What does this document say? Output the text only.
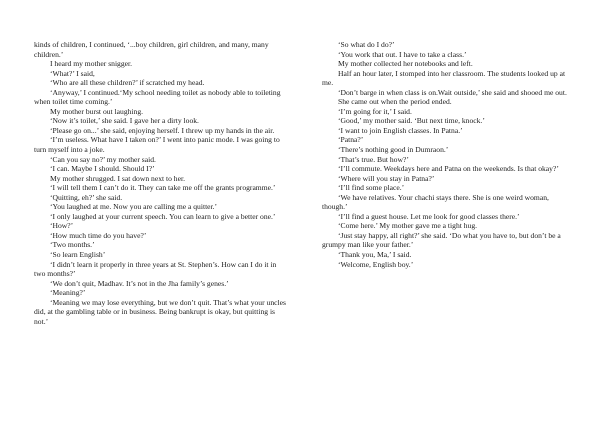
kinds of children, I continued, ‘...boy children, girl children, and many, many children.’

I heard my mother snigger.

‘What?’ I said,

‘Who are all these children?’ if scratched my head.

‘Anyway,’ I continued.‘My school needing toilet as nobody able to toileting when toilet time coming.’

My mother burst out laughing.

‘Now it’s toilet,’ she said. I gave her a dirty look.

‘Please go on...’ she said, enjoying herself. I threw up my hands in the air.

‘I’m useless. What have I taken on?’ I went into panic mode. I was going to turn myself into a joke.

‘Can you say no?’ my mother said.

‘I can. Maybe I should. Should I?’

My mother shrugged. I sat down next to her.

‘I will tell them I can’t do it. They can take me off the grants programme.’

‘Quitting, eh?’ she said.

‘You laughed at me. Now you are calling me a quitter.’

‘I only laughed at your current speech. You can learn to give a better one.’

‘How?’

‘How much time do you have?’

‘Two months.’

‘So learn English’

‘I didn’t learn it properly in three years at St. Stephen’s. How can I do it in two months?’

‘We don’t quit, Madhav. It’s not in the Jha family’s genes.’

‘Meaning?’

‘Meaning we may lose everything, but we don’t quit. That’s what your uncles did, at the gambling table or in business. Being bankrupt is okay, but quitting is not.’

‘So what do I do?’

‘You work that out. I have to take a class.’

My mother collected her notebooks and left.

Half an hour later, I stomped into her classroom. The students looked up at me.

‘Don’t barge in when class is on.Wait outside,’ she said and shooed me out.

She came out when the period ended.

‘I’m going for it,’ I said.

‘Good,’ my mother said. ‘But next time, knock.’

‘I want to join English classes. In Patna.’

‘Patna?’

‘There’s nothing good in Dumraon.’

‘That’s true. But how?’

‘I’ll commute. Weekdays here and Patna on the weekends. Is that okay?’

‘Where will you stay in Patna?’

‘I’ll find some place.’

‘We have relatives. Your chachi stays there. She is one weird woman, though.’

‘I’ll find a guest house. Let me look for good classes there.’

‘Come here.’ My mother gave me a tight hug.

‘Just stay happy, all right?’ she said. ‘Do what you have to, but don’t be a grumpy man like your father.’

‘Thank you, Ma,’ I said.

‘Welcome, English boy.’
